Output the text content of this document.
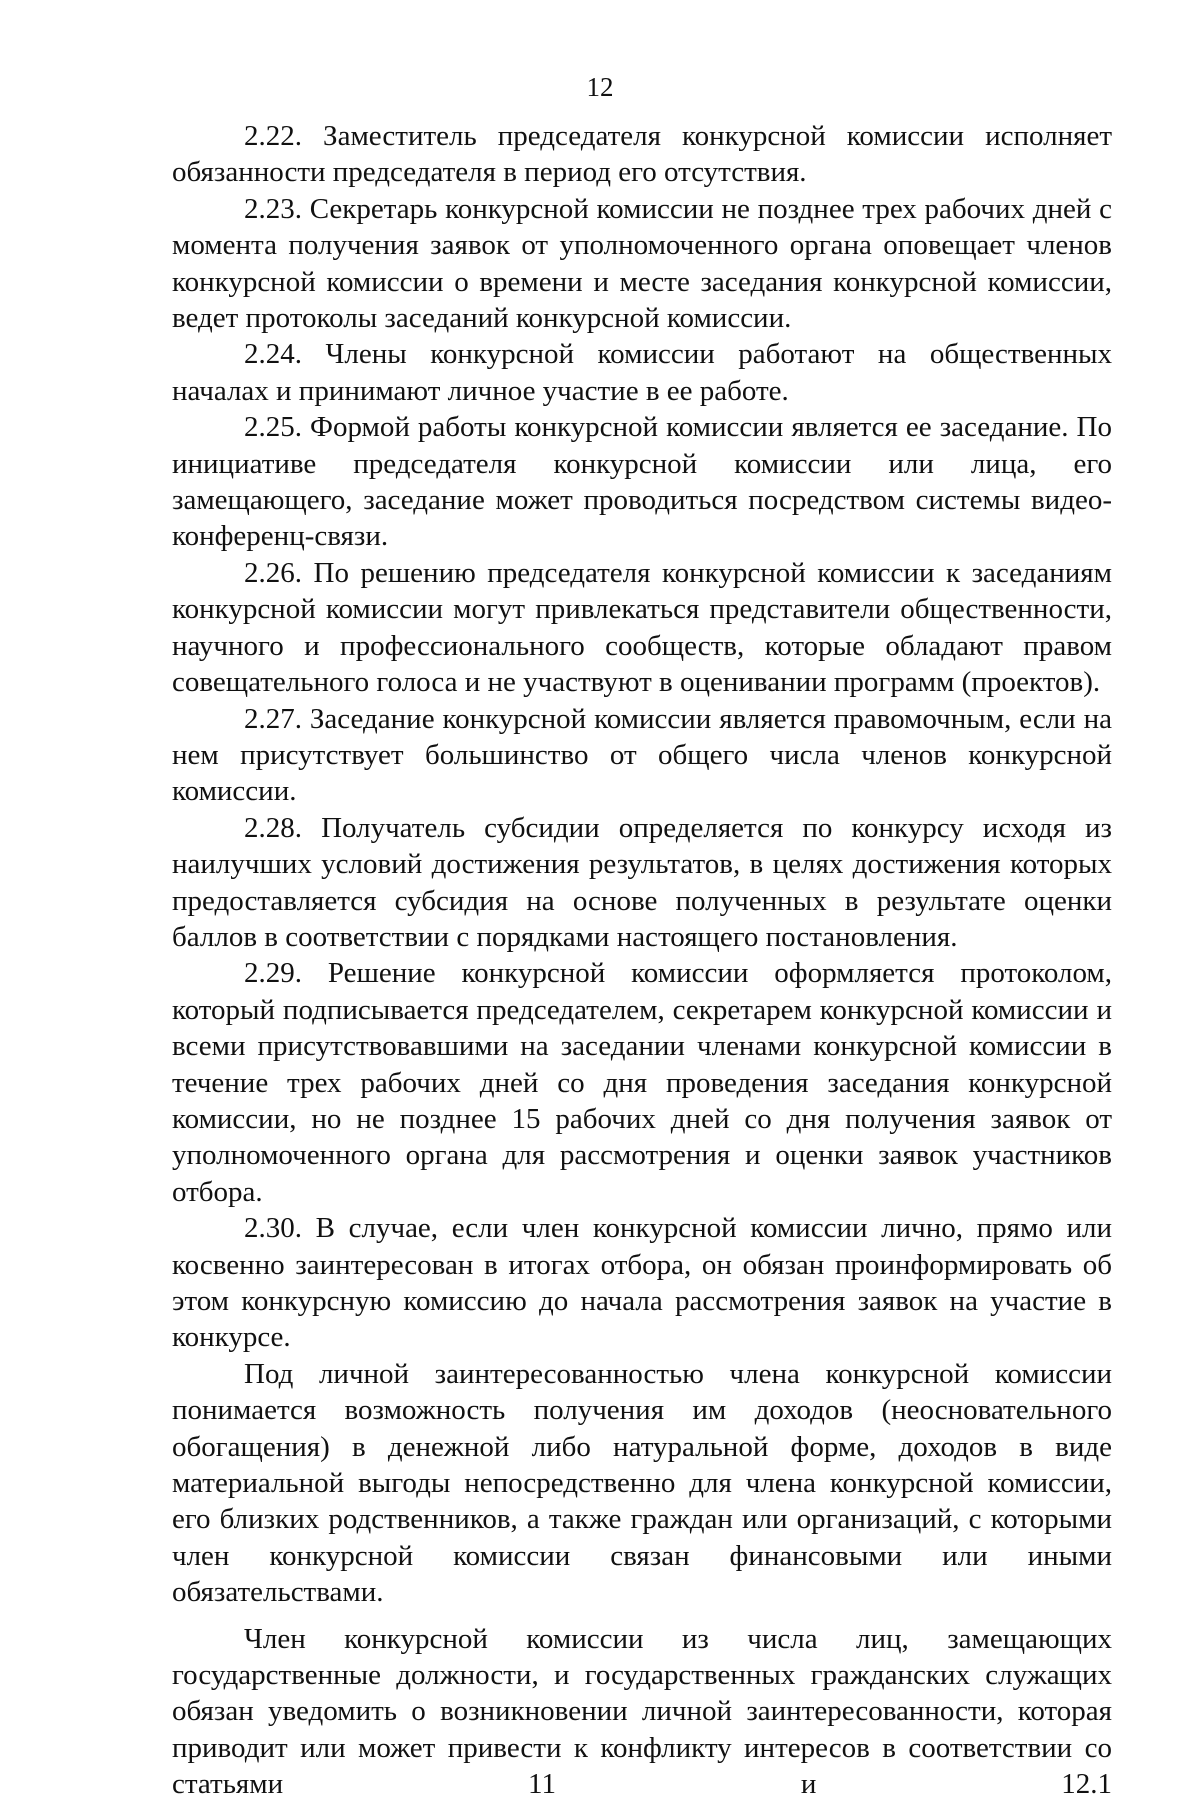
12

2.22. Заместитель председателя конкурсной комиссии исполняет обязанности председателя в период его отсутствия.

2.23. Секретарь конкурсной комиссии не позднее трех рабочих дней с момента получения заявок от уполномоченного органа оповещает членов конкурсной комиссии о времени и месте заседания конкурсной комиссии, ведет протоколы заседаний конкурсной комиссии.

2.24. Члены конкурсной комиссии работают на общественных началах и принимают личное участие в ее работе.

2.25. Формой работы конкурсной комиссии является ее заседание. По инициативе председателя конкурсной комиссии или лица, его замещающего, заседание может проводиться посредством системы видео-конференц-связи.

2.26. По решению председателя конкурсной комиссии к заседаниям конкурсной комиссии могут привлекаться представители общественности, научного и профессионального сообществ, которые обладают правом совещательного голоса и не участвуют в оценивании программ (проектов).

2.27. Заседание конкурсной комиссии является правомочным, если на нем присутствует большинство от общего числа членов конкурсной комиссии.

2.28. Получатель субсидии определяется по конкурсу исходя из наилучших условий достижения результатов, в целях достижения которых предоставляется субсидия на основе полученных в результате оценки баллов в соответствии с порядками настоящего постановления.

2.29. Решение конкурсной комиссии оформляется протоколом, который подписывается председателем, секретарем конкурсной комиссии и всеми присутствовавшими на заседании членами конкурсной комиссии в течение трех рабочих дней со дня проведения заседания конкурсной комиссии, но не позднее 15 рабочих дней со дня получения заявок от уполномоченного органа для рассмотрения и оценки заявок участников отбора.

2.30. В случае, если член конкурсной комиссии лично, прямо или косвенно заинтересован в итогах отбора, он обязан проинформировать об этом конкурсную комиссию до начала рассмотрения заявок на участие в конкурсе.

Под личной заинтересованностью члена конкурсной комиссии понимается возможность получения им доходов (неосновательного обогащения) в денежной либо натуральной форме, доходов в виде материальной выгоды непосредственно для члена конкурсной комиссии, его близких родственников, а также граждан или организаций, с которыми член конкурсной комиссии связан финансовыми или иными обязательствами.

Член конкурсной комиссии из числа лиц, замещающих государственные должности, и государственных гражданских служащих обязан уведомить о возникновении личной заинтересованности, которая приводит или может привести к конфликту интересов в соответствии со статьями 11 и 12.1
